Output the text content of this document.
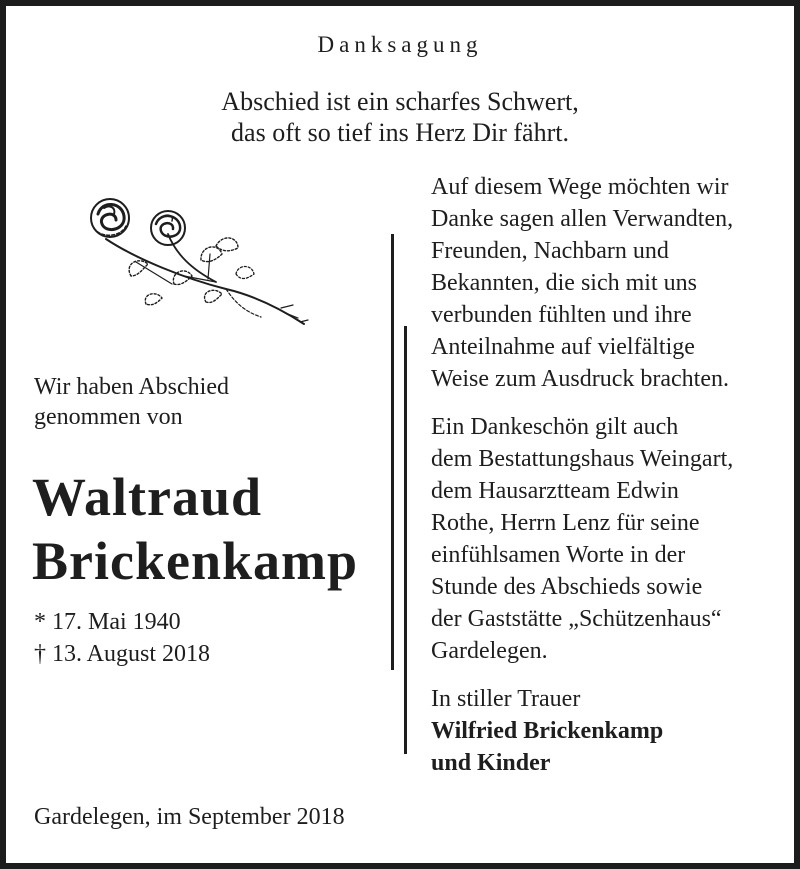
Danksagung
Abschied ist ein scharfes Schwert,
das oft so tief ins Herz Dir fährt.
Wir haben Abschied
genommen von
Waltraud
Brickenkamp
* 17. Mai 1940
† 13. August 2018
Auf diesem Wege möchten wir
Danke sagen allen Verwandten,
Freunden, Nachbarn und
Bekannten, die sich mit uns
verbunden fühlten und ihre
Anteilnahme auf vielfältige
Weise zum Ausdruck brachten.
Ein Dankeschön gilt auch
dem Bestattungshaus Weingart,
dem Hausarztteam Edwin
Rothe, Herrn Lenz für seine
einfühlsamen Worte in der
Stunde des Abschieds sowie
der Gaststätte „Schützenhaus“
Gardelegen.
In stiller Trauer
Wilfried Brickenkamp
und Kinder
Gardelegen, im September 2018
